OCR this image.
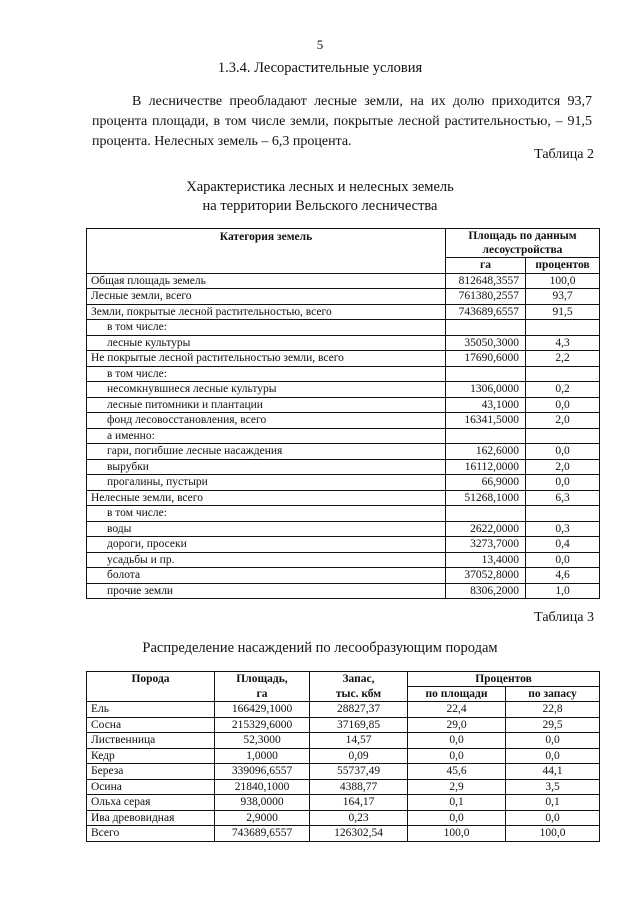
5
1.3.4. Лесорастительные условия
В лесничестве преобладают лесные земли, на их долю приходится 93,7 процента площади, в том числе земли, покрытые лесной растительностью, – 91,5 процента. Нелесных земель – 6,3 процента.
Таблица 2
Характеристика лесных и нелесных земель
на территории Вельского лесничества
Категория земель	Площадь по данным лесоустройства	
	га	процентов
Общая площадь земель	812648,3557	100,0
Лесные земли, всего	761380,2557	93,7
Земли, покрытые лесной растительностью, всего	743689,6557	91,5
в том числе:		
лесные культуры	35050,3000	4,3
Не покрытые лесной растительностью земли, всего	17690,6000	2,2
в том числе:		
несомкнувшиеся лесные культуры	1306,0000	0,2
лесные питомники и плантации	43,1000	0,0
фонд лесовосстановления, всего	16341,5000	2,0
а именно:		
гари, погибшие лесные насаждения	162,6000	0,0
вырубки	16112,0000	2,0
прогалины, пустыри	66,9000	0,0
Нелесные земли, всего	51268,1000	6,3
в том числе:		
воды	2622,0000	0,3
дороги, просеки	3273,7000	0,4
усадьбы и пр.	13,4000	0,0
болота	37052,8000	4,6
прочие земли	8306,2000	1,0
Таблица 3
Распределение насаждений по лесообразующим породам
Порода	Площадь,	Запас,	Процентов	
	га	тыс. кбм	по площади	по запасу
Ель	166429,1000	28827,37	22,4	22,8
Сосна	215329,6000	37169,85	29,0	29,5
Лиственница	52,3000	14,57	0,0	0,0
Кедр	1,0000	0,09	0,0	0,0
Береза	339096,6557	55737,49	45,6	44,1
Осина	21840,1000	4388,77	2,9	3,5
Ольха серая	938,0000	164,17	0,1	0,1
Ива древовидная	2,9000	0,23	0,0	0,0
Всего	743689,6557	126302,54	100,0	100,0
